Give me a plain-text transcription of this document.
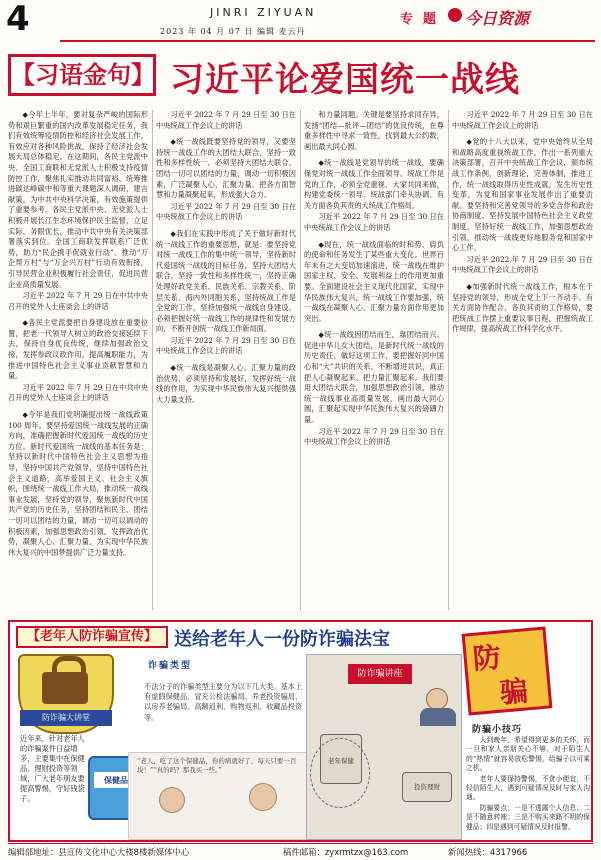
4	JINRI ZIYUAN
2023 年 04 月 07 日 编辑 麦云丹
专题 今日资源
【习语金句】 习近平论爱国统一战线

◆今年上半年，要对复杂严峻的国际形势和艰巨繁重的国内改革发展稳定任务，我们有效统筹疫情防控和经济社会发展工作，有效应对各种风险挑战，保持了经济社会发展大局总体稳定。在这期间，各民主党派中央、全国工商联和无党派人士积极支持疫情防控工作，聚焦扎实推动共同富裕、统筹推进碳达峰碳中和等重大课题深入调研，建言献策，为中共中央科学决策，有效施策提供了重要参考。各民主党派中央、无党派人士积极开展长江生态环境保护民主监督，立足实际，务眼优长，推动中共中央有关决策部署落实到位。全国工商联发挥联系广泛优势，助力“民企携手促就业行动”、推动“万企帮万村”与“万企兴万村”行动有效衔接，引导民营企业积极履行社会责任，促进民营企业高质量发展。

习近平 2022 年 7 月 29 日在中共中央召开的党外人士座谈会上的讲话

◆各民主党派要把自身建设放在重要位置，把老一代领导人树立的政治交接延续下去，保持自身优良传统，继续加强政治交接，发挥参政议政作用，提高履职能力，为推进中国特色社会主义事业贡献智慧和力量。

习近平 2022 年 7 月 29 日在中共中央召开的党外人士座谈会上的讲话

◆今年是我们党明确提出统一战线政策 100 周年。要坚持爱国统一战线发展的正确方向，准确把握新时代爱国统一战线的历史方位。新时代爱国统一战线的基本任务是：坚持以新时代中国特色社会主义思想为指导，坚持中国共产党领导，坚持中国特色社会主义道路，高举爱国主义、社会主义旗帜，围绕统一战线工作大局，推动统一战线事业发展，坚持党的领导，聚焦新时代中国共产党的历史任务，坚持团结和民主、团结一切可以团结的力量，调动一切可以调动的积极因素，加强思想政治引领，发挥政治优势，凝聚人心、汇聚力量，为实现中华民族伟大复兴的中国梦提供广泛力量支持。

习近平 2022 年 7 月 29 日至 30 日在中央统战工作会议上的讲话

◆统一战线既要坚持党的领导，又要坚持统一战线工作的大团结大联合，坚持一致性和多样性统一。必须坚持大团结大联合，团结一切可以团结的力量，调动一切积极因素，广泛凝聚人心，汇聚力量，把各方面智慧和力量凝聚起来，形成强大合力。

习近平 2022 年 7 月 29 日至 30 日在中央统战工作会议上的讲话

◆我们在实践中形成了关于做好新时代统一战线工作的重要思想，就是：要坚持党对统一战线工作的集中统一领导，坚持新时代爱国统一战线的目标任务，坚持大团结大联合，坚持一致性和多样性统一，坚持正确处理好政党关系、民族关系、宗教关系、阶层关系、海内外同胞关系，坚持统战工作是全党的工作，坚持加强统一战线自身建设，必须把握好统一战线工作的规律性和发展方向，不断开创统一战线工作新局面。

习近平 2022 年 7 月 29 日至 30 日在中央统战工作会议上的讲话

◆统一战线是凝聚人心、汇聚力量的政治优势，必须坚持和发展好，发挥好统一战线的作用，为实现中华民族伟大复兴提供强大力量支持。

和力量同题。关键是要坚持求同存异，发扬“团结—批评—团结”的优良传统，在尊重多样性中寻求一致性，找到最大公约数，画出最大同心圆。

◆统一战线是党领导的统一战线，要确保党对统一战线工作全面领导。统战工作是党的工作，必须全党重视，大家共同来做，构建党委统一领导、统战部门牵头协调、有关方面各负其责的大统战工作格局。

习近平 2022 年 7 月 29 日至 30 日在中央统战工作会议上的讲话

◆现在，统一战线面临的时和势、肩负的使命和任务发生了某些重大变化。世界百年未有之大变局加速演进，统一战线在维护国家主权、安全、发展利益上的作用更加重要。全面建设社会主义现代化国家，实现中华民族伟大复兴，统一战线工作要加强，统一战线在凝聚人心、汇聚力量方面作用更加突出。

◆统一战线因团结而生，靠团结而兴。促进中华儿女大团结，是新时代统一战线的历史责任。做好这项工作，要把握好同中国心和“大”共识的关系，不断增进共识，真正把人心凝聚起来、把力量汇聚起来。我们要用大团结大联合，加强思想政治引领，推动统一战线事业高质量发展，画出最大同心圆，汇聚起实现中华民族伟大复兴的磅礴力量。

习近平 2022 年 7 月 29 日至 30 日在中央统战工作会议上的讲话

习近平 2022 年 7 月 29 日至 30 日在中央统战工作会议上的讲话

◆党的十八大以来，党中央始终从全局和战略高度重视统战工作，作出一系列重大决策部署，召开中央统战工作会议，颁布统战工作条例，创新理论，完善体制，推进工作，统一战线取得历史性成就，发生历史性变革，为党和国家事业发展作出了重要贡献。要坚持和完善党领导的多党合作和政治协商制度，坚持发展中国特色社会主义政党制度，坚持好统一战线工作，加强思想政治引领，推动统一战线更好地服务党和国家中心工作。

习近平 2022 年 7 月 29 日至 30 日在中央统战工作会议上的讲话

◆加强新时代统一战线工作，根本在于坚持党的领导，形成全党上下一齐动手、有关方面协作配合、各负其责的工作格局，要把统战工作摆上重要议事日程，把握统战工作规律，提高统战工作科学化水平。

【老年人防诈骗宣传】 送给老年人一份防诈骗法宝
防诈骗大讲堂
近年来，针对老年人的诈骗案件日益增多，主要集中在保健品、理财投资等领域，广大老年朋友要提高警惕，守好钱袋子。
保健品
诈骗类型
不法分子的诈骗类型主要分为以下几大类。基本上有虚假保健品、冒充公检法骗局、养老投资骗局、以房养老骗局、高额返利、购物返利、收藏品投资等。
“老人，吃了这个保健品，你的病就好了，每天只要一百块！”“真的吗？那我买一些。”
防诈骗讲座
老年保健
投资理财
防
骗
防骗小技巧

人到晚年，希望得到更多的关怀，而一旦和家人亲朋关心不够，对于陌生人的“热情”就容易放松警惕，给骗子以可乘之机。

老年人要保持警惕，不贪小便宜，不轻信陌生人，遇到可疑情况及时与家人沟通。

防骗要点：一是不透露个人信息；二是不随意转账；三是不购买来路不明的保健品；四是遇到可疑情况及时报警。

编辑部地址：县宣传文化中心大楼8楼新媒体中心	稿件邮箱：zyxrmtzx@163.com	新闻热线：4317966
